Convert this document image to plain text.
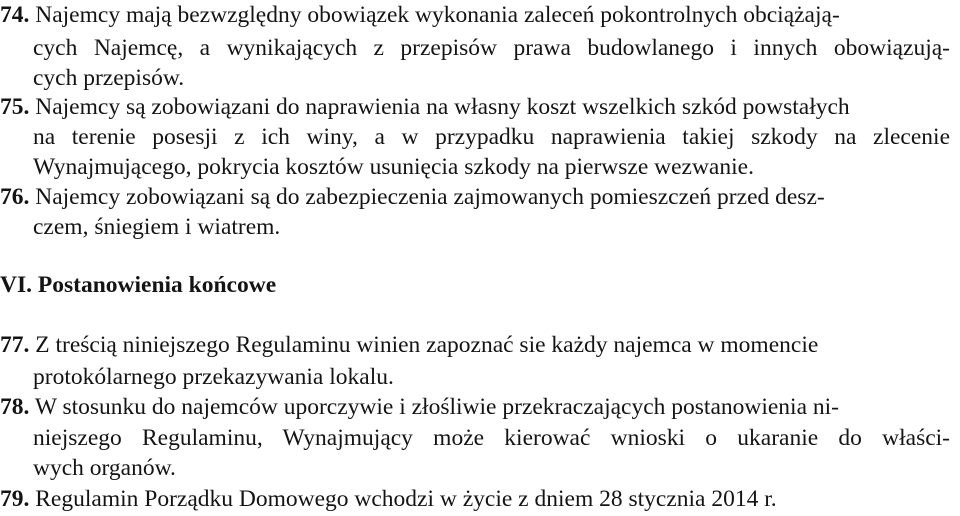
74. Najemcy mają bezwzględny obowiązek wykonania zaleceń pokontrolnych obciążają-
cych Najemcę, a wynikających z przepisów prawa budowlanego i innych obowiązują-
cych przepisów.
75. Najemcy są zobowiązani do naprawienia na własny koszt wszelkich szkód powstałych
na terenie posesji z ich winy, a w przypadku naprawienia takiej szkody na zlecenie
Wynajmującego, pokrycia kosztów usunięcia szkody na pierwsze wezwanie.
76. Najemcy zobowiązani są do zabezpieczenia zajmowanych pomieszczeń przed desz-
czem, śniegiem i wiatrem.
VI. Postanowienia końcowe
77. Z treścią niniejszego Regulaminu winien zapoznać sie każdy najemca w momencie
protokólarnego przekazywania lokalu.
78. W stosunku do najemców uporczywie i złośliwie przekraczających postanowienia ni-
niejszego Regulaminu, Wynajmujący może kierować wnioski o ukaranie do właści-
wych organów.
79. Regulamin Porządku Domowego wchodzi w życie z dniem 28 stycznia 2014 r.
